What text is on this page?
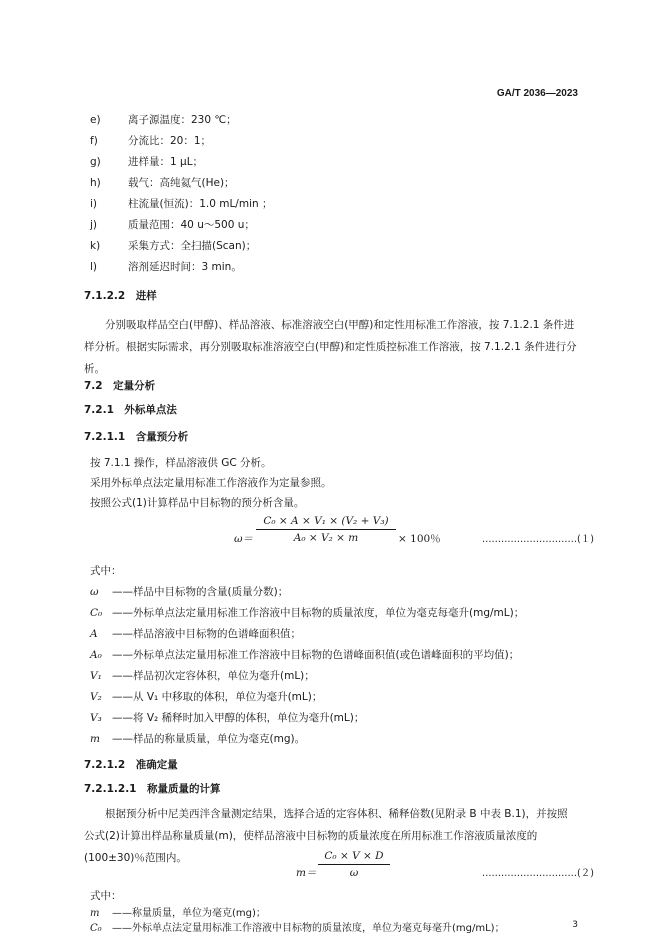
GA/T 2036—2023
e)	离子源温度：230 ℃；
f)	分流比：20：1；
g)	进样量：1 μL；
h)	载气：高纯氦气(He)；
i)	柱流量(恒流)：1.0 mL/min ；
j)	质量范围：40 u～500 u；
k)	采集方式：全扫描(Scan)；
l)	溶剂延迟时间：3 min。
7.1.2.2　进样
分别吸取样品空白(甲醇)、样品溶液、标准溶液空白(甲醇)和定性用标准工作溶液，按 7.1.2.1 条件进样分析。根据实际需求，再分别吸取标准溶液空白(甲醇)和定性质控标准工作溶液，按 7.1.2.1 条件进行分析。
7.2　定量分析
7.2.1　外标单点法
7.2.1.1　含量预分析
按 7.1.1 操作，样品溶液供 GC 分析。
采用外标单点法定量用标准工作溶液作为定量参照。
按照公式(1)计算样品中目标物的预分析含量。
$\omega= \frac{\text{C₀ × A × V₁ × (V₂ + V₃)}}{\text{A₀ × V₂ × m}} \times 100$％	…………………………(１)
式中：
ω ——样品中目标物的含量(质量分数)；
C₀ ——外标单点法定量用标准工作溶液中目标物的质量浓度，单位为毫克每毫升(mg/mL)；
A ——样品溶液中目标物的色谱峰面积值；
A₀ ——外标单点法定量用标准工作溶液中目标物的色谱峰面积值(或色谱峰面积的平均值)；
V₁ ——样品初次定容体积，单位为毫升(mL)；
V₂ ——从 V₁ 中移取的体积，单位为毫升(mL)；
V₃ ——将 V₂ 稀释时加入甲醇的体积，单位为毫升(mL)；
m ——样品的称量质量，单位为毫克(mg)。
7.2.1.2　准确定量
7.2.1.2.1　称量质量的计算
根据预分析中尼美西泮含量测定结果，选择合适的定容体积、稀释倍数(见附录 B 中表 B.1)，并按照公式(2)计算出样品称量质量(m)，使样品溶液中目标物的质量浓度在所用标准工作溶液质量浓度的(100±30)％范围内。
$m= \frac{\text{C₀ × V × D}}{\omega}$	…………………………(２)
式中：
m ——称量质量，单位为毫克(mg)；
C₀ ——外标单点法定量用标准工作溶液中目标物的质量浓度，单位为毫克每毫升(mg/mL)；	3
